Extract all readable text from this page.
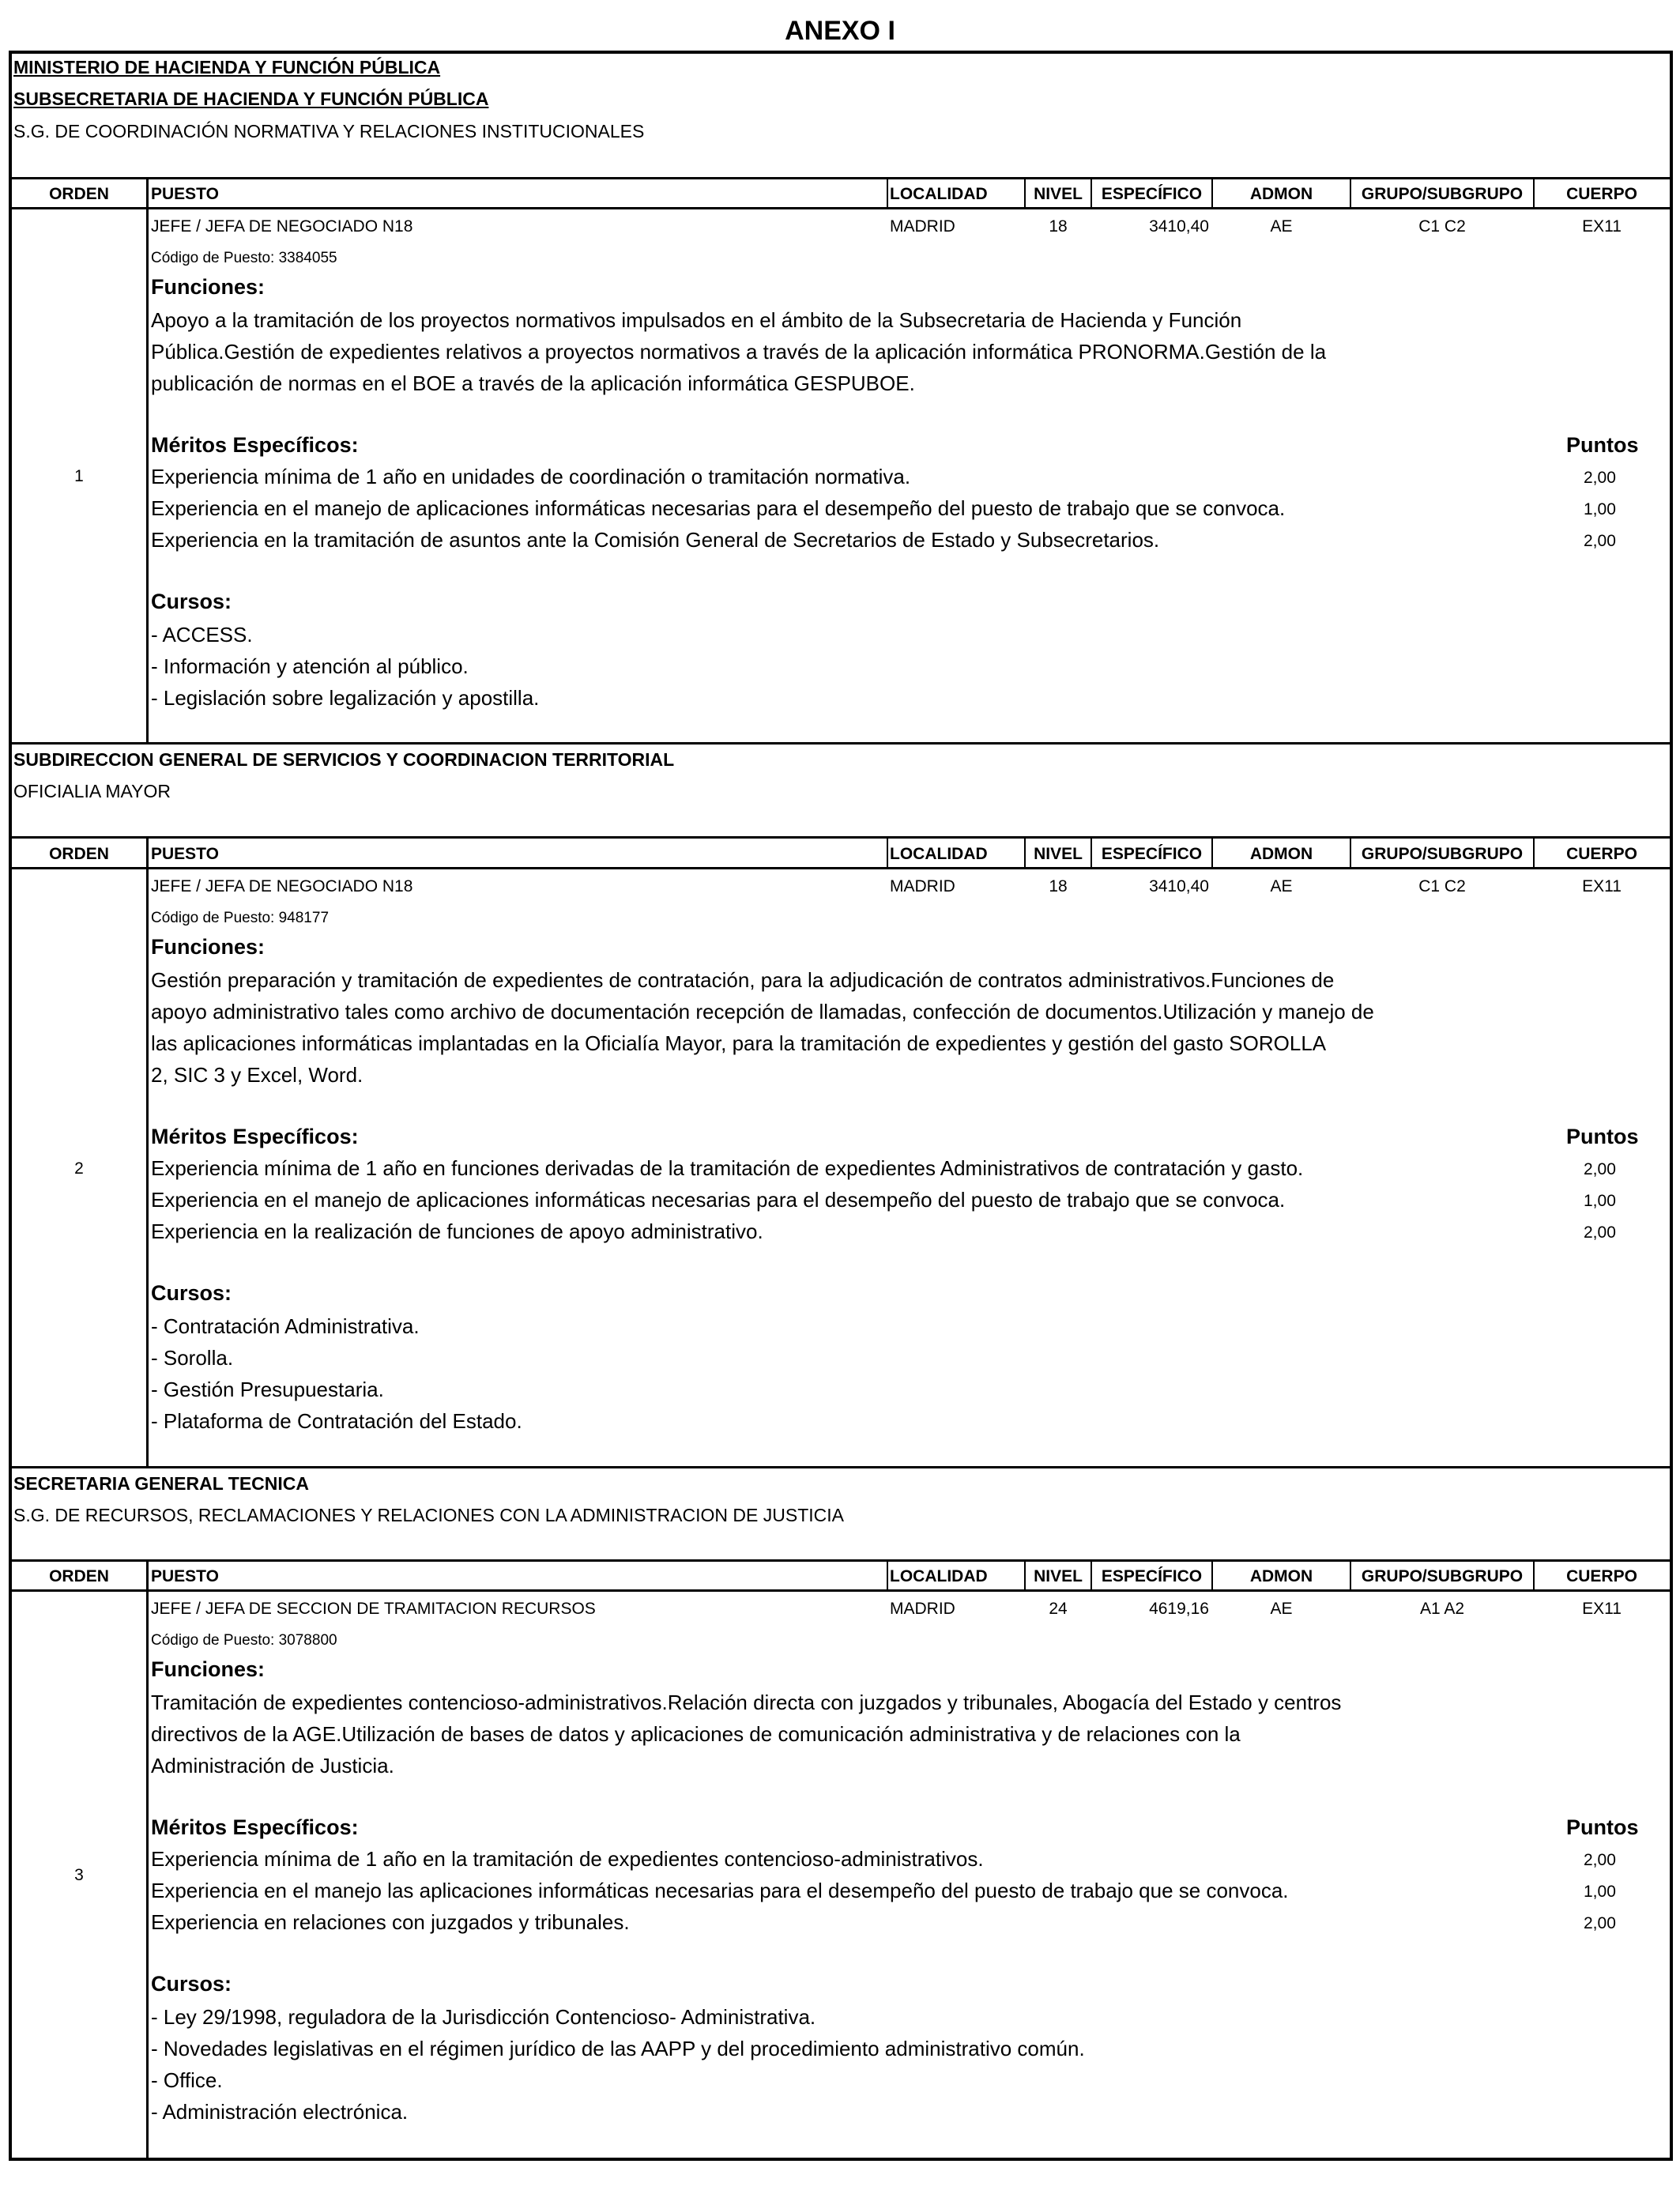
ANEXO I
MINISTERIO DE HACIENDA Y FUNCIÓN PÚBLICA
SUBSECRETARIA DE HACIENDA Y FUNCIÓN PÚBLICA
S.G. DE COORDINACIÓN NORMATIVA Y RELACIONES INSTITUCIONALES
ORDEN	PUESTO	LOCALIDAD	NIVEL	ESPECÍFICO	ADMON	GRUPO/SUBGRUPO	CUERPO
JEFE / JEFA DE NEGOCIADO N18	MADRID	18	3410,40	AE	C1 C2	EX11
Código de Puesto: 3384055
Funciones:
Apoyo a la tramitación de los proyectos normativos impulsados en el ámbito de la Subsecretaria de Hacienda y Función
Pública.Gestión de expedientes relativos a proyectos normativos a través de la aplicación informática PRONORMA.Gestión de la
publicación de normas en el BOE a través de la aplicación informática GESPUBOE.
Méritos Específicos:	Puntos
1	Experiencia mínima de 1 año en unidades de coordinación o tramitación normativa.	2,00
Experiencia en el manejo de aplicaciones informáticas necesarias para el desempeño del puesto de trabajo que se convoca.	1,00
Experiencia en la tramitación de asuntos ante la Comisión General de Secretarios de Estado y Subsecretarios.	2,00
Cursos:
- ACCESS.
- Información y atención al público.
- Legislación sobre legalización y apostilla.
SUBDIRECCION GENERAL DE SERVICIOS Y COORDINACION TERRITORIAL
OFICIALIA MAYOR
ORDEN	PUESTO	LOCALIDAD	NIVEL	ESPECÍFICO	ADMON	GRUPO/SUBGRUPO	CUERPO
JEFE / JEFA DE NEGOCIADO N18	MADRID	18	3410,40	AE	C1 C2	EX11
Código de Puesto: 948177
Funciones:
Gestión preparación y tramitación de expedientes de contratación, para la adjudicación de contratos administrativos.Funciones de
apoyo administrativo tales como archivo de documentación recepción de llamadas, confección de documentos.Utilización y manejo de
las aplicaciones informáticas implantadas en la Oficialía Mayor, para la tramitación de expedientes y gestión del gasto SOROLLA
2, SIC 3 y Excel, Word.
Méritos Específicos:	Puntos
2	Experiencia mínima de 1 año en funciones derivadas de la tramitación de expedientes Administrativos de contratación y gasto.	2,00
Experiencia en el manejo de aplicaciones informáticas necesarias para el desempeño del puesto de trabajo que se convoca.	1,00
Experiencia en la realización de funciones de apoyo administrativo.	2,00
Cursos:
- Contratación Administrativa.
- Sorolla.
- Gestión Presupuestaria.
- Plataforma de Contratación del Estado.
SECRETARIA GENERAL TECNICA
S.G. DE RECURSOS, RECLAMACIONES Y RELACIONES CON LA ADMINISTRACION DE JUSTICIA
ORDEN	PUESTO	LOCALIDAD	NIVEL	ESPECÍFICO	ADMON	GRUPO/SUBGRUPO	CUERPO
JEFE / JEFA DE SECCION DE TRAMITACION RECURSOS	MADRID	24	4619,16	AE	A1 A2	EX11
Código de Puesto: 3078800
Funciones:
Tramitación de expedientes contencioso-administrativos.Relación directa con juzgados y tribunales, Abogacía del Estado y centros
directivos de la AGE.Utilización de bases de datos y aplicaciones de comunicación administrativa y de relaciones con la
Administración de Justicia.
Méritos Específicos:	Puntos
3
Experiencia mínima de 1 año en la tramitación de expedientes contencioso-administrativos.	2,00
Experiencia en el manejo las aplicaciones informáticas necesarias para el desempeño del puesto de trabajo que se convoca.	1,00
Experiencia en relaciones con juzgados y tribunales.	2,00
Cursos:
- Ley 29/1998, reguladora de la Jurisdicción Contencioso- Administrativa.
- Novedades legislativas en el régimen jurídico de las AAPP y del procedimiento administrativo común.
- Office.
- Administración electrónica.
